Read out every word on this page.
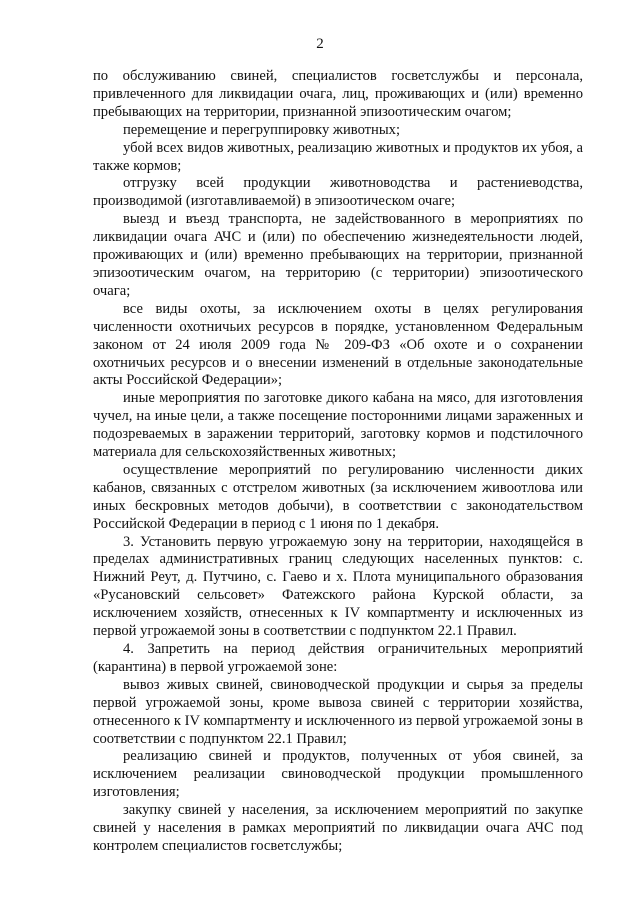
2

по обслуживанию свиней, специалистов госветслужбы и персонала, привлеченного для ликвидации очага, лиц, проживающих и (или) временно пребывающих на территории, признанной эпизоотическим очагом;

перемещение и перегруппировку животных;

убой всех видов животных, реализацию животных и продуктов их убоя, а также кормов;

отгрузку всей продукции животноводства и растениеводства, производимой (изготавливаемой) в эпизоотическом очаге;

выезд и въезд транспорта, не задействованного в мероприятиях по ликвидации очага АЧС и (или) по обеспечению жизнедеятельности людей, проживающих и (или) временно пребывающих на территории, признанной эпизоотическим очагом, на территорию (с территории) эпизоотического очага;

все виды охоты, за исключением охоты в целях регулирования численности охотничьих ресурсов в порядке, установленном Федеральным законом от 24 июля 2009 года № 209-ФЗ «Об охоте и о сохранении охотничьих ресурсов и о внесении изменений в отдельные законодательные акты Российской Федерации»;

иные мероприятия по заготовке дикого кабана на мясо, для изготовления чучел, на иные цели, а также посещение посторонними лицами зараженных и подозреваемых в заражении территорий, заготовку кормов и подстилочного материала для сельскохозяйственных животных;

осуществление мероприятий по регулированию численности диких кабанов, связанных с отстрелом животных (за исключением живоотлова или иных бескровных методов добычи), в соответствии с законодательством Российской Федерации в период с 1 июня по 1 декабря.

3. Установить первую угрожаемую зону на территории, находящейся в пределах административных границ следующих населенных пунктов: с. Нижний Реут, д. Путчино, с. Гаево и х. Плота муниципального образования «Русановский сельсовет» Фатежского района Курской области, за исключением хозяйств, отнесенных к IV компартменту и исключенных из первой угрожаемой зоны в соответствии с подпунктом 22.1 Правил.

4. Запретить на период действия ограничительных мероприятий (карантина) в первой угрожаемой зоне:

вывоз живых свиней, свиноводческой продукции и сырья за пределы первой угрожаемой зоны, кроме вывоза свиней с территории хозяйства, отнесенного к IV компартменту и исключенного из первой угрожаемой зоны в соответствии с подпунктом 22.1 Правил;

реализацию свиней и продуктов, полученных от убоя свиней, за исключением реализации свиноводческой продукции промышленного изготовления;

закупку свиней у населения, за исключением мероприятий по закупке свиней у населения в рамках мероприятий по ликвидации очага АЧС под контролем специалистов госветслужбы;
